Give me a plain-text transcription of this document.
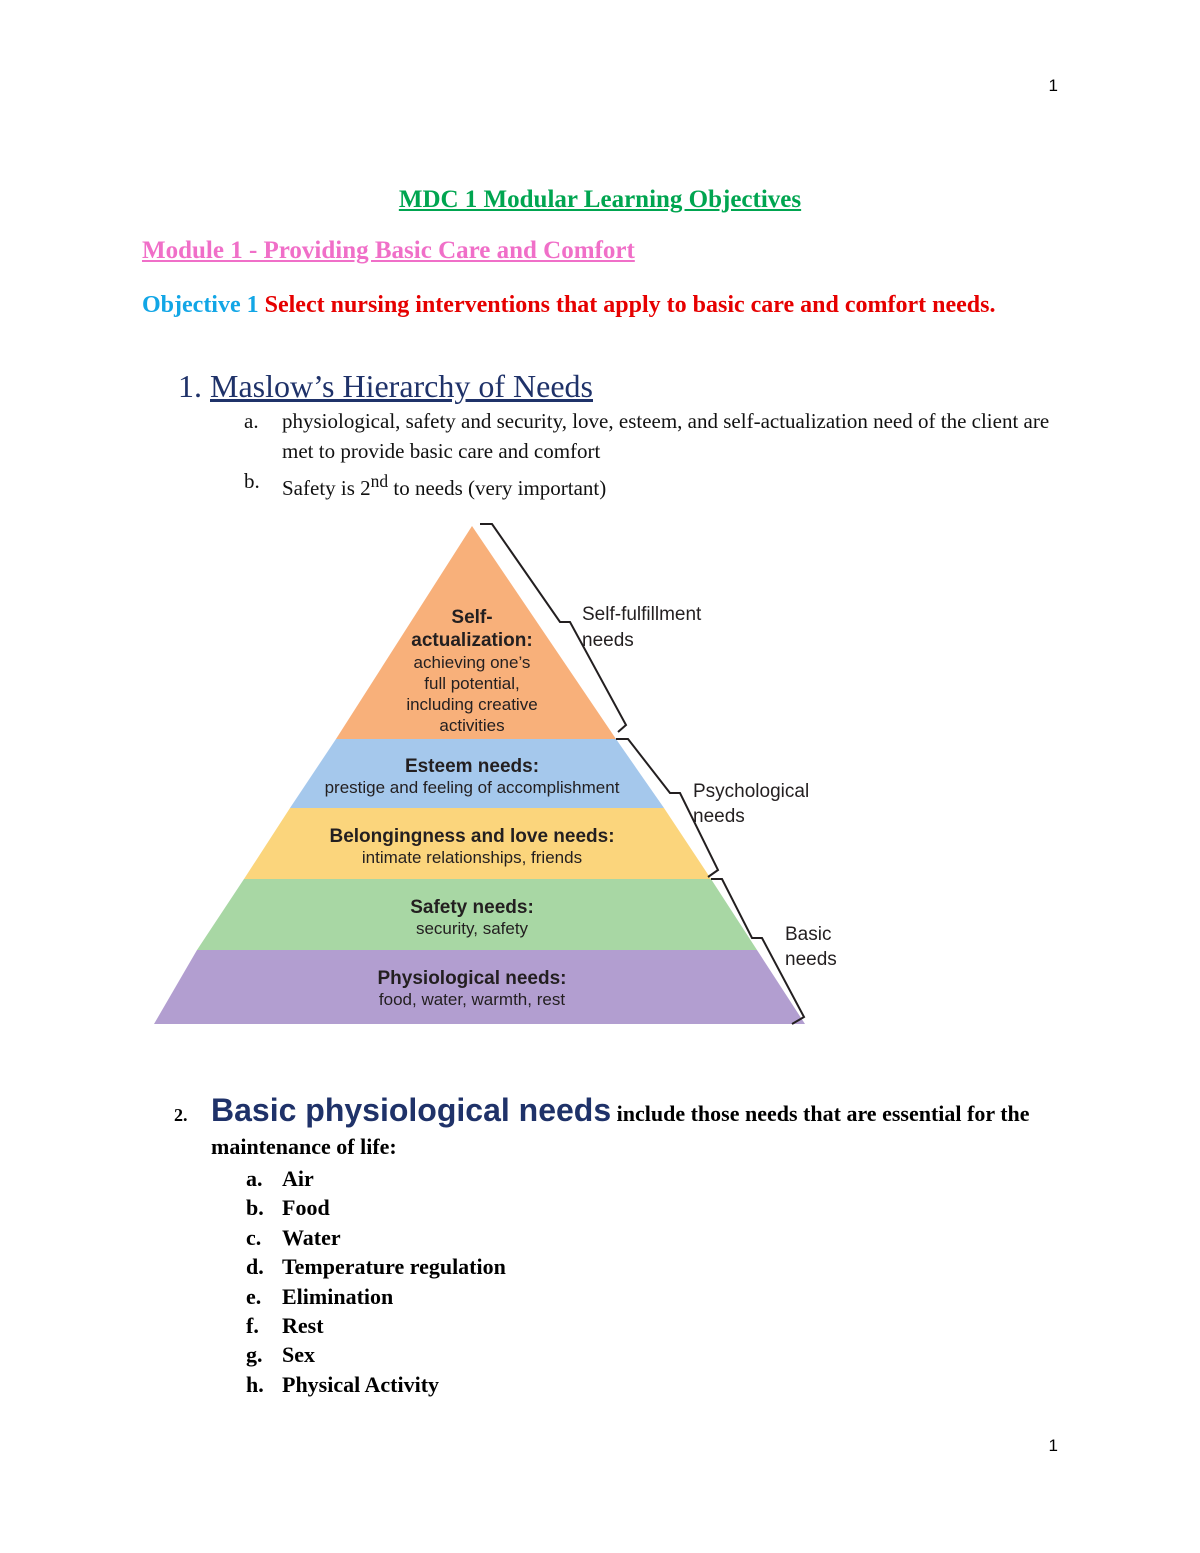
1
MDC 1 Modular Learning Objectives
Module 1 - Providing Basic Care and Comfort
Objective 1 Select nursing interventions that apply to basic care and comfort needs.
1. Maslow’s Hierarchy of Needs
a. physiological, safety and security, love, esteem, and self-actualization need of the client are met to provide basic care and comfort
b. Safety is 2nd to needs (very important)
Self-
actualization:
achieving one’s
full potential,
including creative
activities
Esteem needs:
prestige and feeling of accomplishment
Belongingness and love needs:
intimate relationships, friends
Safety needs:
security, safety
Physiological needs:
food, water, warmth, rest
Self-fulfillment
needs
Psychological
needs
Basic
needs
2. Basic physiological needs include those needs that are essential for the
maintenance of life:
a. Air
b. Food
c. Water
d. Temperature regulation
e. Elimination
f. Rest
g. Sex
h. Physical Activity
1
